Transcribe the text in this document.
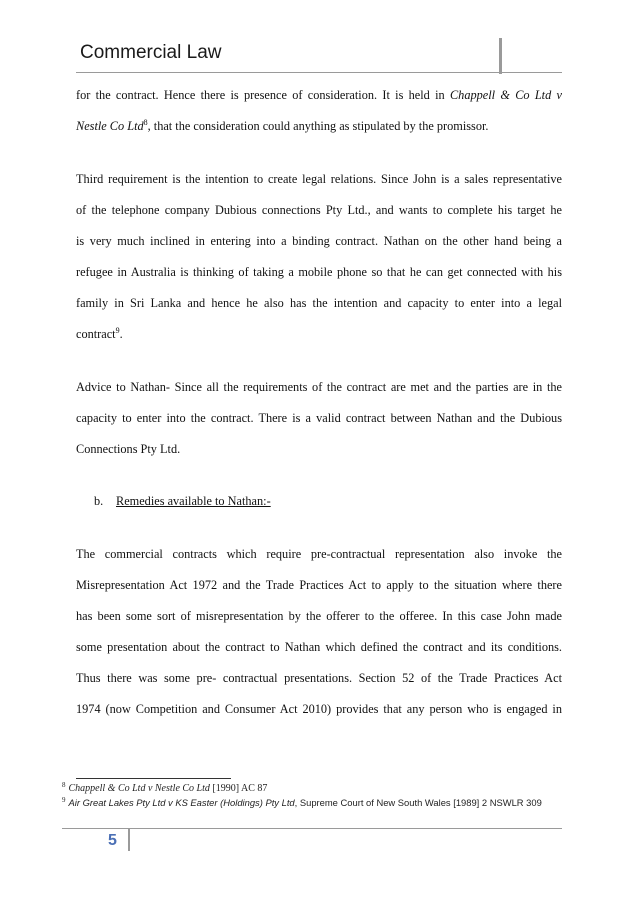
Commercial Law
for the contract. Hence there is presence of consideration. It is held in Chappell & Co Ltd v
Nestle Co Ltd$^8$, that the consideration could anything as stipulated by the promissor.
Third requirement is the intention to create legal relations. Since John is a sales representative
of the telephone company Dubious connections Pty Ltd., and wants to complete his target he
is very much inclined in entering into a binding contract. Nathan on the other hand being a
refugee in Australia is thinking of taking a mobile phone so that he can get connected with his
family in Sri Lanka and hence he also has the intention and capacity to enter into a legal
contract$^9$.
Advice to Nathan- Since all the requirements of the contract are met and the parties are in the
capacity to enter into the contract. There is a valid contract between Nathan and the Dubious
Connections Pty Ltd.
b. Remedies available to Nathan:-
The commercial contracts which require pre-contractual representation also invoke the
Misrepresentation Act 1972 and the Trade Practices Act to apply to the situation where there
has been some sort of misrepresentation by the offerer to the offeree. In this case John made
some presentation about the contract to Nathan which defined the contract and its conditions.
Thus there was some pre- contractual presentations. Section 52 of the Trade Practices Act
1974 (now Competition and Consumer Act 2010) provides that any person who is engaged in
$^8$ Chappell & Co Ltd v Nestle Co Ltd [1990] AC 87
$^9$ Air Great Lakes Pty Ltd v KS Easter (Holdings) Pty Ltd, Supreme Court of New South Wales [1989] 2 NSWLR 309
5
